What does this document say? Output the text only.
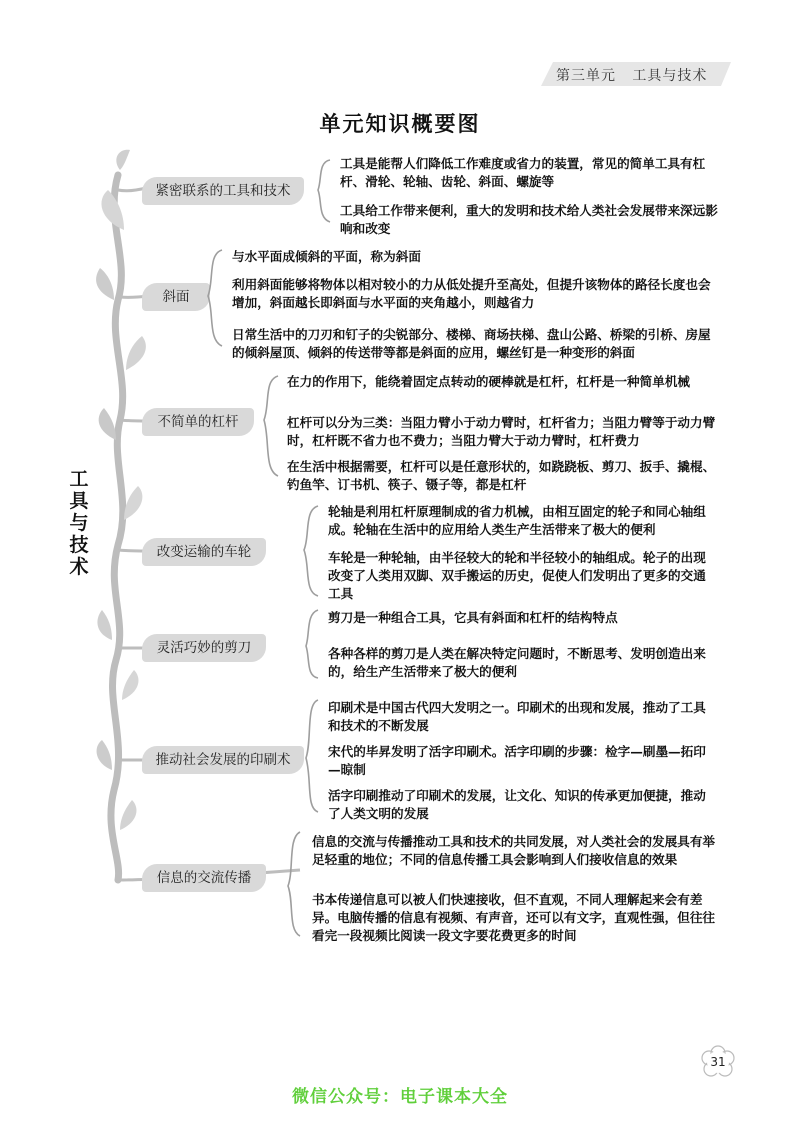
第三单元 工具与技术
单元知识概要图
工
具
与
技
术
紧密联系的工具和技术
斜面
不简单的杠杆
改变运输的车轮
灵活巧妙的剪刀
推动社会发展的印刷术
信息的交流传播
工具是能帮人们降低工作难度或省力的装置，常见的简单工具有杠杆、滑轮、轮轴、齿轮、斜面、螺旋等
工具给工作带来便利，重大的发明和技术给人类社会发展带来深远影响和改变
与水平面成倾斜的平面，称为斜面
利用斜面能够将物体以相对较小的力从低处提升至高处，但提升该物体的路径长度也会增加，斜面越长即斜面与水平面的夹角越小，则越省力
日常生活中的刀刃和钉子的尖锐部分、楼梯、商场扶梯、盘山公路、桥梁的引桥、房屋的倾斜屋顶、倾斜的传送带等都是斜面的应用，螺丝钉是一种变形的斜面
在力的作用下，能绕着固定点转动的硬棒就是杠杆，杠杆是一种简单机械
杠杆可以分为三类：当阻力臂小于动力臂时，杠杆省力；当阻力臂等于动力臂时，杠杆既不省力也不费力；当阻力臂大于动力臂时，杠杆费力
在生活中根据需要，杠杆可以是任意形状的，如跷跷板、剪刀、扳手、撬棍、钓鱼竿、订书机、筷子、镊子等，都是杠杆
轮轴是利用杠杆原理制成的省力机械，由相互固定的轮子和同心轴组成。轮轴在生活中的应用给人类生产生活带来了极大的便利
车轮是一种轮轴，由半径较大的轮和半径较小的轴组成。轮子的出现改变了人类用双脚、双手搬运的历史，促使人们发明出了更多的交通工具
剪刀是一种组合工具，它具有斜面和杠杆的结构特点
各种各样的剪刀是人类在解决特定问题时，不断思考、发明创造出来的，给生产生活带来了极大的便利
印刷术是中国古代四大发明之一。印刷术的出现和发展，推动了工具和技术的不断发展
宋代的毕昇发明了活字印刷术。活字印刷的步骤：检字—刷墨—拓印—晾制
活字印刷推动了印刷术的发展，让文化、知识的传承更加便捷，推动了人类文明的发展
信息的交流与传播推动工具和技术的共同发展，对人类社会的发展具有举足轻重的地位；不同的信息传播工具会影响到人们接收信息的效果
书本传递信息可以被人们快速接收，但不直观，不同人理解起来会有差异。电脑传播的信息有视频、有声音，还可以有文字，直观性强，但往往看完一段视频比阅读一段文字要花费更多的时间
31
微信公众号：电子课本大全
